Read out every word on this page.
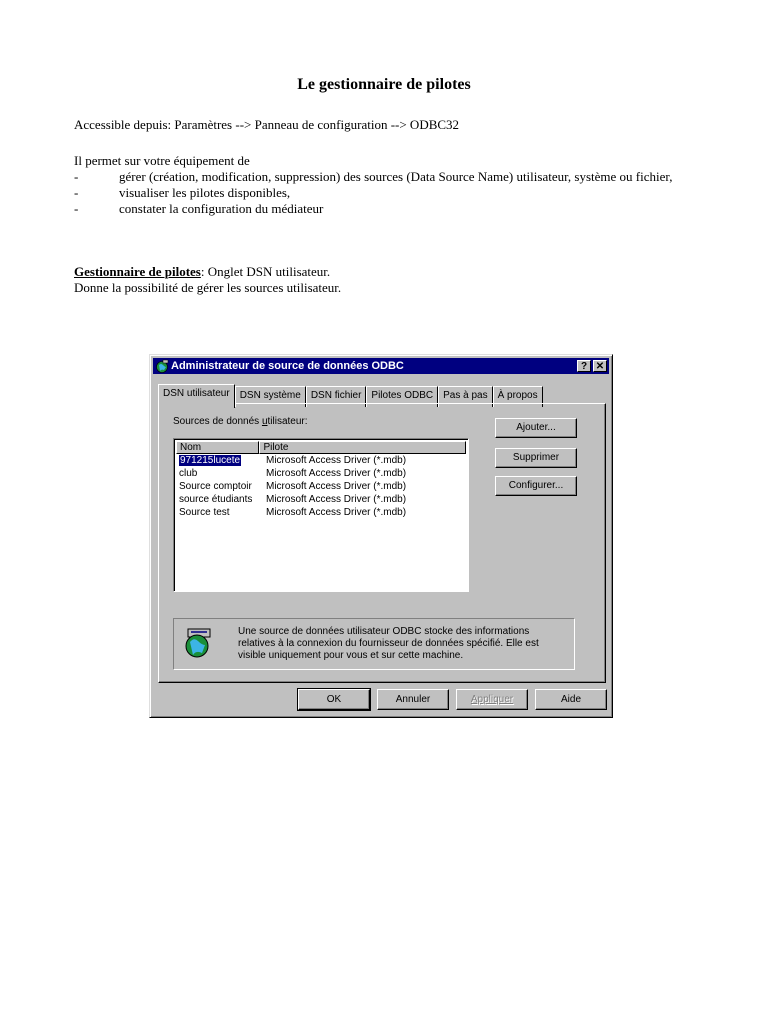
Le gestionnaire de pilotes
Accessible depuis: Paramètres --> Panneau de configuration --> ODBC32
Il permet sur votre équipement de
-	gérer (création, modification, suppression) des sources (Data Source Name) utilisateur, système ou fichier,
-	visualiser les pilotes disponibles,
-	constater la configuration du médiateur
Gestionnaire de pilotes: Onglet DSN utilisateur.
Donne la possibilité de gérer les sources utilisateur.
Administrateur de source de données ODBC	? ✕
DSN utilisateur	DSN système	DSN fichier	Pilotes ODBC	Pas à pas	À propos
Sources de donnés utilisateur:
Nom	Pilote
971215lucete	Microsoft Access Driver (*.mdb)
club	Microsoft Access Driver (*.mdb)
Source comptoir	Microsoft Access Driver (*.mdb)
source étudiants	Microsoft Access Driver (*.mdb)
Source test	Microsoft Access Driver (*.mdb)
Ajouter...
Supprimer
Configurer...
Une source de données utilisateur ODBC stocke des informations relatives à la connexion du fournisseur de données spécifié. Elle est visible uniquement pour vous et sur cette machine.
OK	Annuler	Appliquer	Aide
